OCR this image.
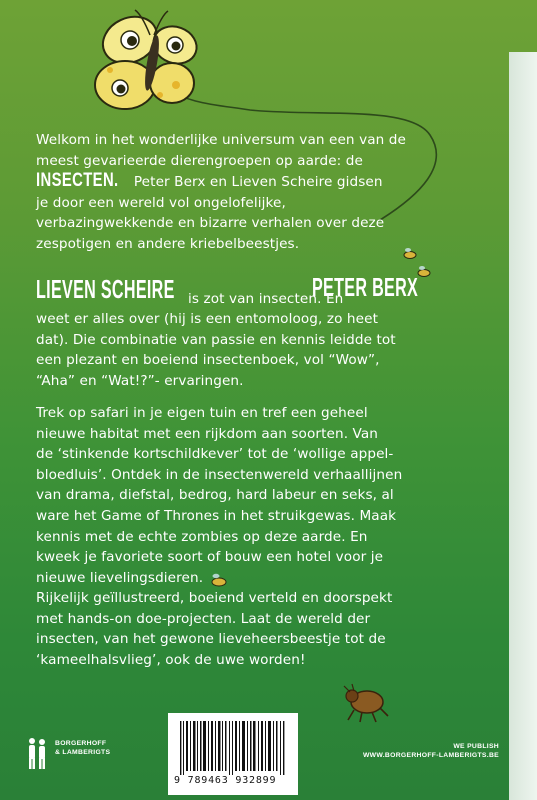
Welkom in het wonderlijke universum van een van de
meest gevarieerde dierengroepen op aarde: de
INSECTEN. Peter Berx en Lieven Scheire gidsen
je door een wereld vol ongelofelijke,
verbazingwekkende en bizarre verhalen over deze
zespotigen en andere kriebelbeestjes.
LIEVEN SCHEIRE is zot van insecten. En
PETER BERX
weet er alles over (hij is een entomoloog, zo heet
dat). Die combinatie van passie en kennis leidde tot
een plezant en boeiend insectenboek, vol “Wow”,
“Aha” en “Wat!?”- ervaringen.
Trek op safari in je eigen tuin en tref een geheel
nieuwe habitat met een rijkdom aan soorten. Van
de ‘stinkende kortschildkever’ tot de ‘wollige appel-
bloedluis’. Ontdek in de insectenwereld verhaallijnen
van drama, diefstal, bedrog, hard labeur en seks, al
ware het Game of Thrones in het struikgewas. Maak
kennis met de echte zombies op deze aarde. En
kweek je favoriete soort of bouw een hotel voor je
nieuwe lievelingsdieren.
Rijkelijk geïllustreerd, boeiend verteld en doorspekt
met hands-on doe-projecten. Laat de wereld der
insecten, van het gewone lieveheersbeestje tot de
‘kameelhalsvlieg’, ook de uwe worden!
BORGERHOFF
& LAMBERIGTS
9 789463 932899
WE PUBLISH
WWW.BORGERHOFF-LAMBERIGTS.BE
